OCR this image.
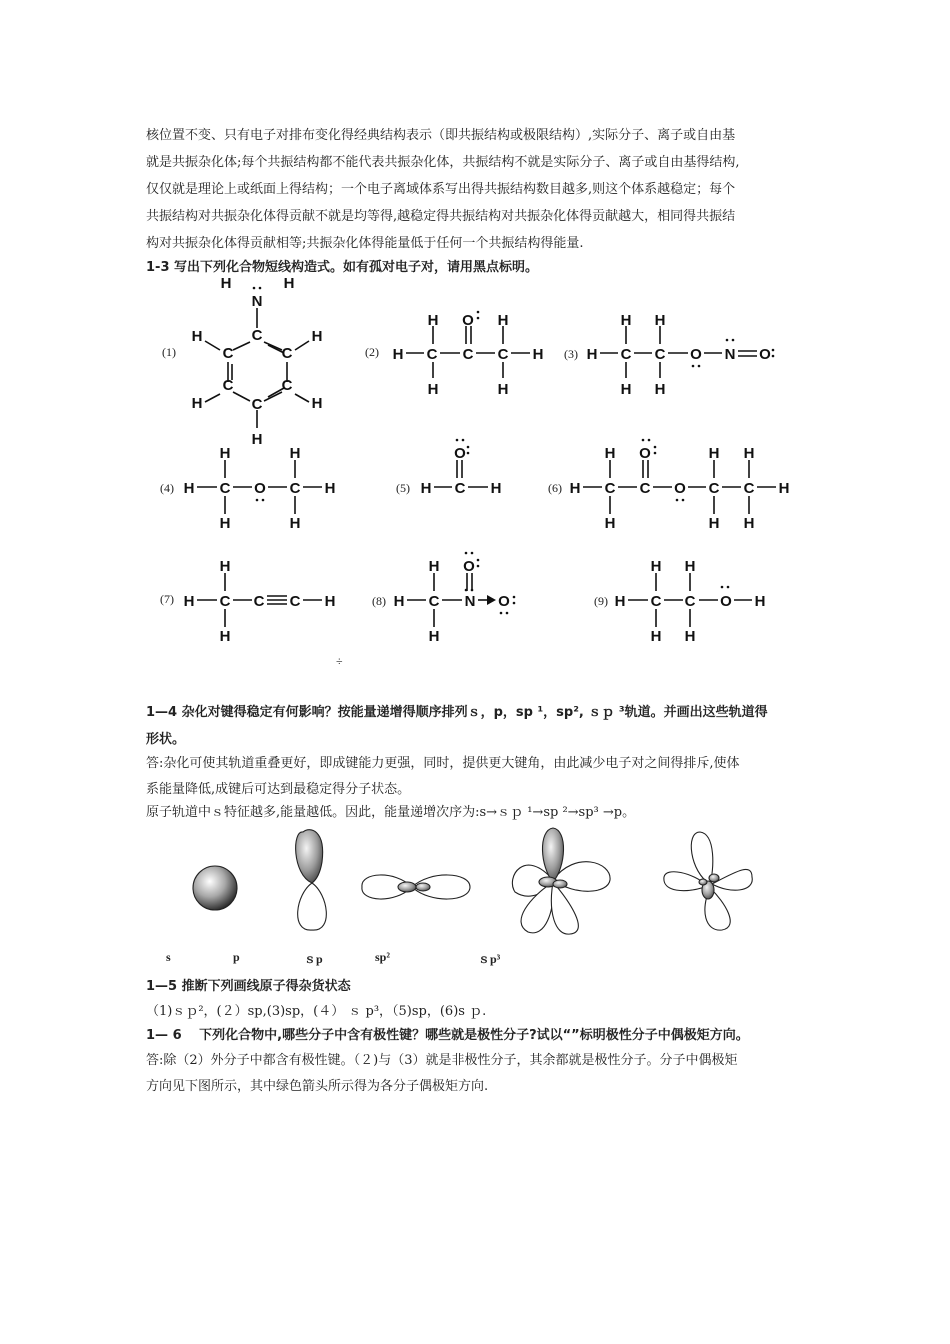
核位置不变、只有电子对排布变化得经典结构表示（即共振结构或极限结构）,实际分子、离子或自由基
就是共振杂化体;每个共振结构都不能代表共振杂化体，共振结构不就是实际分子、离子或自由基得结构,
仅仅就是理论上或纸面上得结构；一个电子离域体系写出得共振结构数目越多,则这个体系越稳定；每个
共振结构对共振杂化体得贡献不就是均等得,越稳定得共振结构对共振杂化体得贡献越大，相同得共振结
构对共振杂化体得贡献相等;共振杂化体得能量低于任何一个共振结构得能量.
1-3 写出下列化合物短线构造式。如有孤对电子对，请用黑点标明。
N
H	H
C
C	C
C	C
C
H	H
H	H
H
H C C C H
H O H
H	H
H C C O N O
H H
H H
H C O C H
H	H
H	H
H C
O
H	H C C O C C H
H O	H H
H	H H
H C C C H
H
H
H C N O
O
H
H
H C C O H
H H
H H
(1)	(2)	(3)
(4)	(5)	(6)
(7)	(8)	(9)
÷
1—4 杂化对键得稳定有何影响？按能量递增得顺序排列ｓ，p，sp ¹，sp², ｓｐ ³轨道。并画出这些轨道得
形状。
答:杂化可使其轨道重叠更好，即成键能力更强，同时，提供更大键角，由此减少电子对之间得排斥,使体
系能量降低,成键后可达到最稳定得分子状态。
原子轨道中ｓ特征越多,能量越低。因此，能量递增次序为:s→ｓｐ ¹→sp ²→sp³ →p。
s	p	ｓp	sp²	ｓp³
1—5 推断下列画线原子得杂货状态
（1)ｓｐ²，(２）sp,(3)sp，(４） ｓ p³，（5)sp，(6)s ｐ.
1— 6　 下列化合物中,哪些分子中含有极性键？哪些就是极性分子?试以“”标明极性分子中偶极矩方向。
答:除（2）外分子中都含有极性键。（２)与（3）就是非极性分子，其余都就是极性分子。分子中偶极矩
方向见下图所示，其中绿色箭头所示得为各分子偶极矩方向.
